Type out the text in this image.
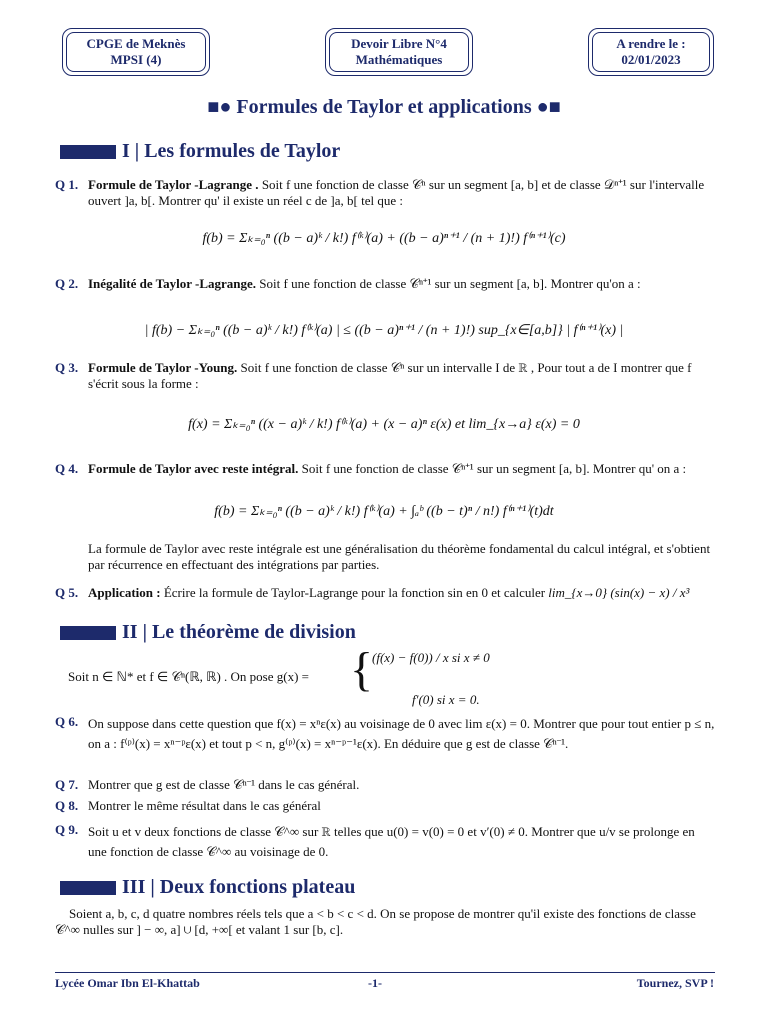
CPGE de Meknès
MPSI (4)
Devoir Libre N°4
Mathématiques
A rendre le :
02/01/2023
■● Formules de Taylor et applications ●■
I | Les formules de Taylor
Q 1. Formule de Taylor -Lagrange . Soit f une fonction de classe 𝒞ⁿ sur un segment [a, b] et de classe 𝒟ⁿ⁺¹ sur l'intervalle ouvert ]a, b[. Montrer qu' il existe un réel c de ]a, b[ tel que :
f(b) = Σₖ₌₀ⁿ ((b − a)ᵏ / k!) f⁽ᵏ⁾(a) + ((b − a)ⁿ⁺¹ / (n + 1)!) f⁽ⁿ⁺¹⁾(c)
Q 2. Inégalité de Taylor -Lagrange. Soit f une fonction de classe 𝒞ⁿ⁺¹ sur un segment [a, b]. Montrer qu'on a :
| f(b) − Σₖ₌₀ⁿ ((b − a)ᵏ / k!) f⁽ᵏ⁾(a) | ≤ ((b − a)ⁿ⁺¹ / (n + 1)!) sup_{x∈[a,b]} | f⁽ⁿ⁺¹⁾(x) |
Q 3. Formule de Taylor -Young. Soit f une fonction de classe 𝒞ⁿ sur un intervalle I de ℝ , Pour tout a de I montrer que f s'écrit sous la forme :
f(x) = Σₖ₌₀ⁿ ((x − a)ᵏ / k!) f⁽ᵏ⁾(a) + (x − a)ⁿ ε(x) et lim_{x→a} ε(x) = 0
Q 4. Formule de Taylor avec reste intégral. Soit f une fonction de classe 𝒞ⁿ⁺¹ sur un segment [a, b]. Montrer qu' on a :
f(b) = Σₖ₌₀ⁿ ((b − a)ᵏ / k!) f⁽ᵏ⁾(a) + ∫ₐᵇ ((b − t)ⁿ / n!) f⁽ⁿ⁺¹⁾(t)dt
La formule de Taylor avec reste intégrale est une généralisation du théorème fondamental du calcul intégral, et s'obtient par récurrence en effectuant des intégrations par parties.
Q 5. Application : Écrire la formule de Taylor-Lagrange pour la fonction sin en 0 et calculer lim_{x→0} (sin(x) − x) / x³
II | Le théorème de division
Soit n ∈ ℕ* et f ∈ 𝒞ⁿ(ℝ, ℝ) . On pose g(x) = {
(f(x) − f(0)) / x si x ≠ 0
f′(0) si x = 0.
Q 6. On suppose dans cette question que f(x) = xⁿε(x) au voisinage de 0 avec lim ε(x) = 0. Montrer que pour tout entier p ≤ n, on a : f⁽ᵖ⁾(x) = xⁿ⁻ᵖε(x) et tout p < n, g⁽ᵖ⁾(x) = xⁿ⁻ᵖ⁻¹ε(x). En déduire que g est de classe 𝒞ⁿ⁻¹.
Q 7. Montrer que g est de classe 𝒞ⁿ⁻¹ dans le cas général.
Q 8. Montrer le même résultat dans le cas général
Q 9. Soit u et v deux fonctions de classe 𝒞^∞ sur ℝ telles que u(0) = v(0) = 0 et v′(0) ≠ 0. Montrer que u/v se prolonge en une fonction de classe 𝒞^∞ au voisinage de 0.
III | Deux fonctions plateau
Soient a, b, c, d quatre nombres réels tels que a < b < c < d. On se propose de montrer qu'il existe des fonctions de classe 𝒞^∞ nulles sur ] − ∞, a] ∪ [d, +∞[ et valant 1 sur [b, c].
Lycée Omar Ibn El-Khattab	-1-	Tournez, SVP !
